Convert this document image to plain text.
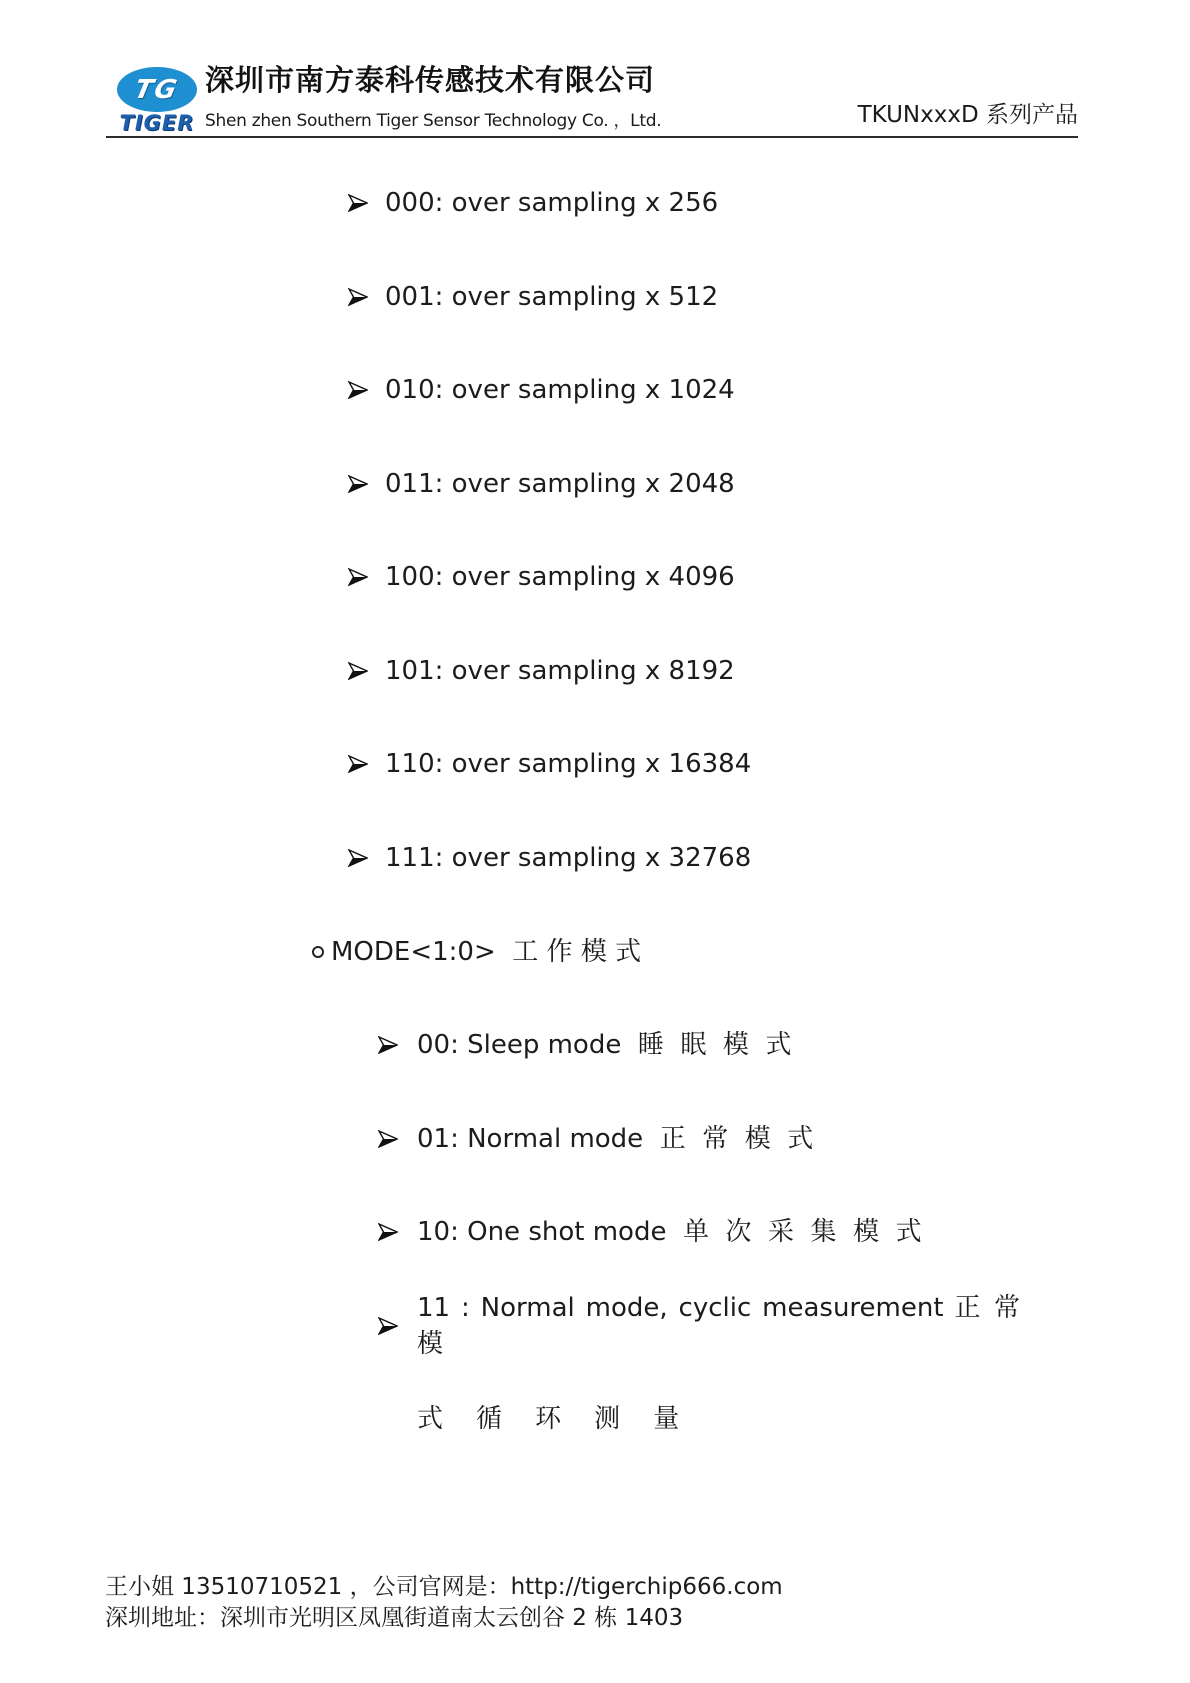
TG
TIGER
深圳市南方泰科传感技术有限公司
Shen zhen Southern Tiger Sensor Technology Co. ，Ltd.	TKUNxxxD 系列产品
000: over sampling x 256
001: over sampling x 512
010: over sampling x 1024
011: over sampling x 2048
100: over sampling x 4096
101: over sampling x 8192
110: over sampling x 16384
111: over sampling x 32768
MODE<1:0>  工 作 模 式
00: Sleep mode  睡  眠  模  式
01: Normal mode  正  常  模  式
10: One shot mode  单  次  采  集  模  式
11 : Normal mode, cyclic measurement 正 常 模
式    循    环    测    量
王小姐 13510710521 ，公司官网是：http://tigerchip666.com
深圳地址：深圳市光明区凤凰街道南太云创谷 2 栋 1403
